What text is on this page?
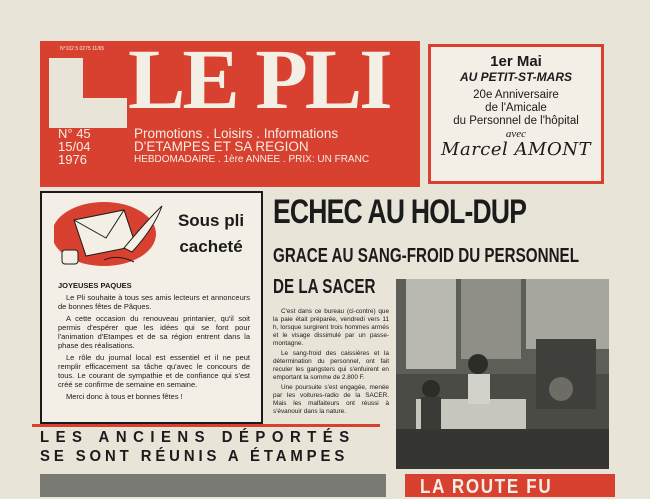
N°102 5 0275 11/65 LE PLI
N° 45
15/04
1976
Promotions . Loisirs . Informations
D'ETAMPES ET SA REGION
HEBDOMADAIRE . 1ère ANNEE . PRIX: UN FRANC
1er Mai
AU PETIT-ST-MARS
20e Anniversaire
de l'Amicale
du Personnel de l'hôpital
avec
Marcel AMONT
Sous pli
cacheté
JOYEUSES PAQUES

Le Pli souhaite à tous ses amis lecteurs et annonceurs de bonnes fêtes de Pâques.

A cette occasion du renouveau printanier, qu'il soit permis d'espérer que les idées qui se font pour l'animation d'Etampes et de sa région entrent dans la phase des réalisations.

Le rôle du journal local est essentiel et il ne peut remplir efficacement sa tâche qu'avec le concours de tous. Le courant de sympathie et de confiance qui s'est créé se confirme de semaine en semaine.

Merci donc à tous et bonnes fêtes !

ECHEC AU HOL-DUP
GRACE AU SANG-FROID DU PERSONNEL
DE LA SACER

C'est dans ce bureau (ci-contre) que la paie était préparée, vendredi vers 11 h, lorsque surgirent trois hommes armés et le visage dissimulé par un passe-montagne.

Le sang-froid des caissières et la détermination du personnel, ont fait reculer les gangsters qui s'enfuirent en emportant la somme de 2.800 F.

Une poursuite s'est engagée, menée par les voitures-radio de la SACER. Mais les malfaiteurs ont réussi à s'évanouir dans la nature.

LES ANCIENS DÉPORTÉS
SE SONT RÉUNIS A ÉTAMPES
LA ROUTE FU
